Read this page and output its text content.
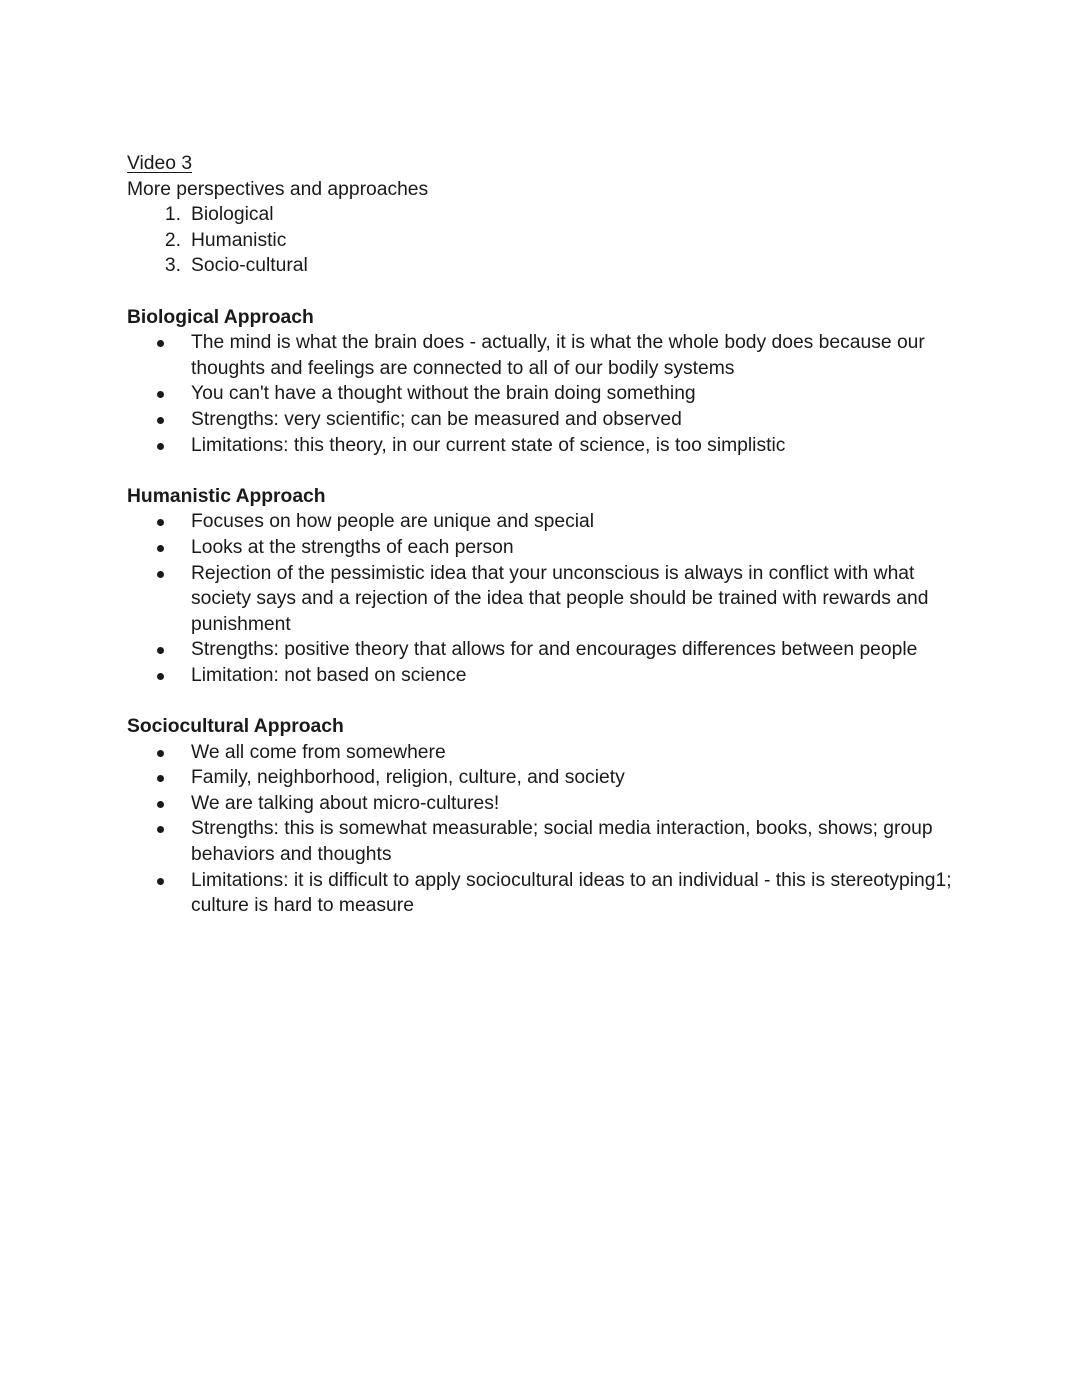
Video 3
More perspectives and approaches
1. Biological
2. Humanistic
3. Socio-cultural
Biological Approach
The mind is what the brain does - actually, it is what the whole body does because our thoughts and feelings are connected to all of our bodily systems
You can't have a thought without the brain doing something
Strengths: very scientific; can be measured and observed
Limitations: this theory, in our current state of science, is too simplistic
Humanistic Approach
Focuses on how people are unique and special
Looks at the strengths of each person
Rejection of the pessimistic idea that your unconscious is always in conflict with what society says and a rejection of the idea that people should be trained with rewards and punishment
Strengths: positive theory that allows for and encourages differences between people
Limitation: not based on science
Sociocultural Approach
We all come from somewhere
Family, neighborhood, religion, culture, and society
We are talking about micro-cultures!
Strengths: this is somewhat measurable; social media interaction, books, shows; group behaviors and thoughts
Limitations: it is difficult to apply sociocultural ideas to an individual - this is stereotyping1; culture is hard to measure
